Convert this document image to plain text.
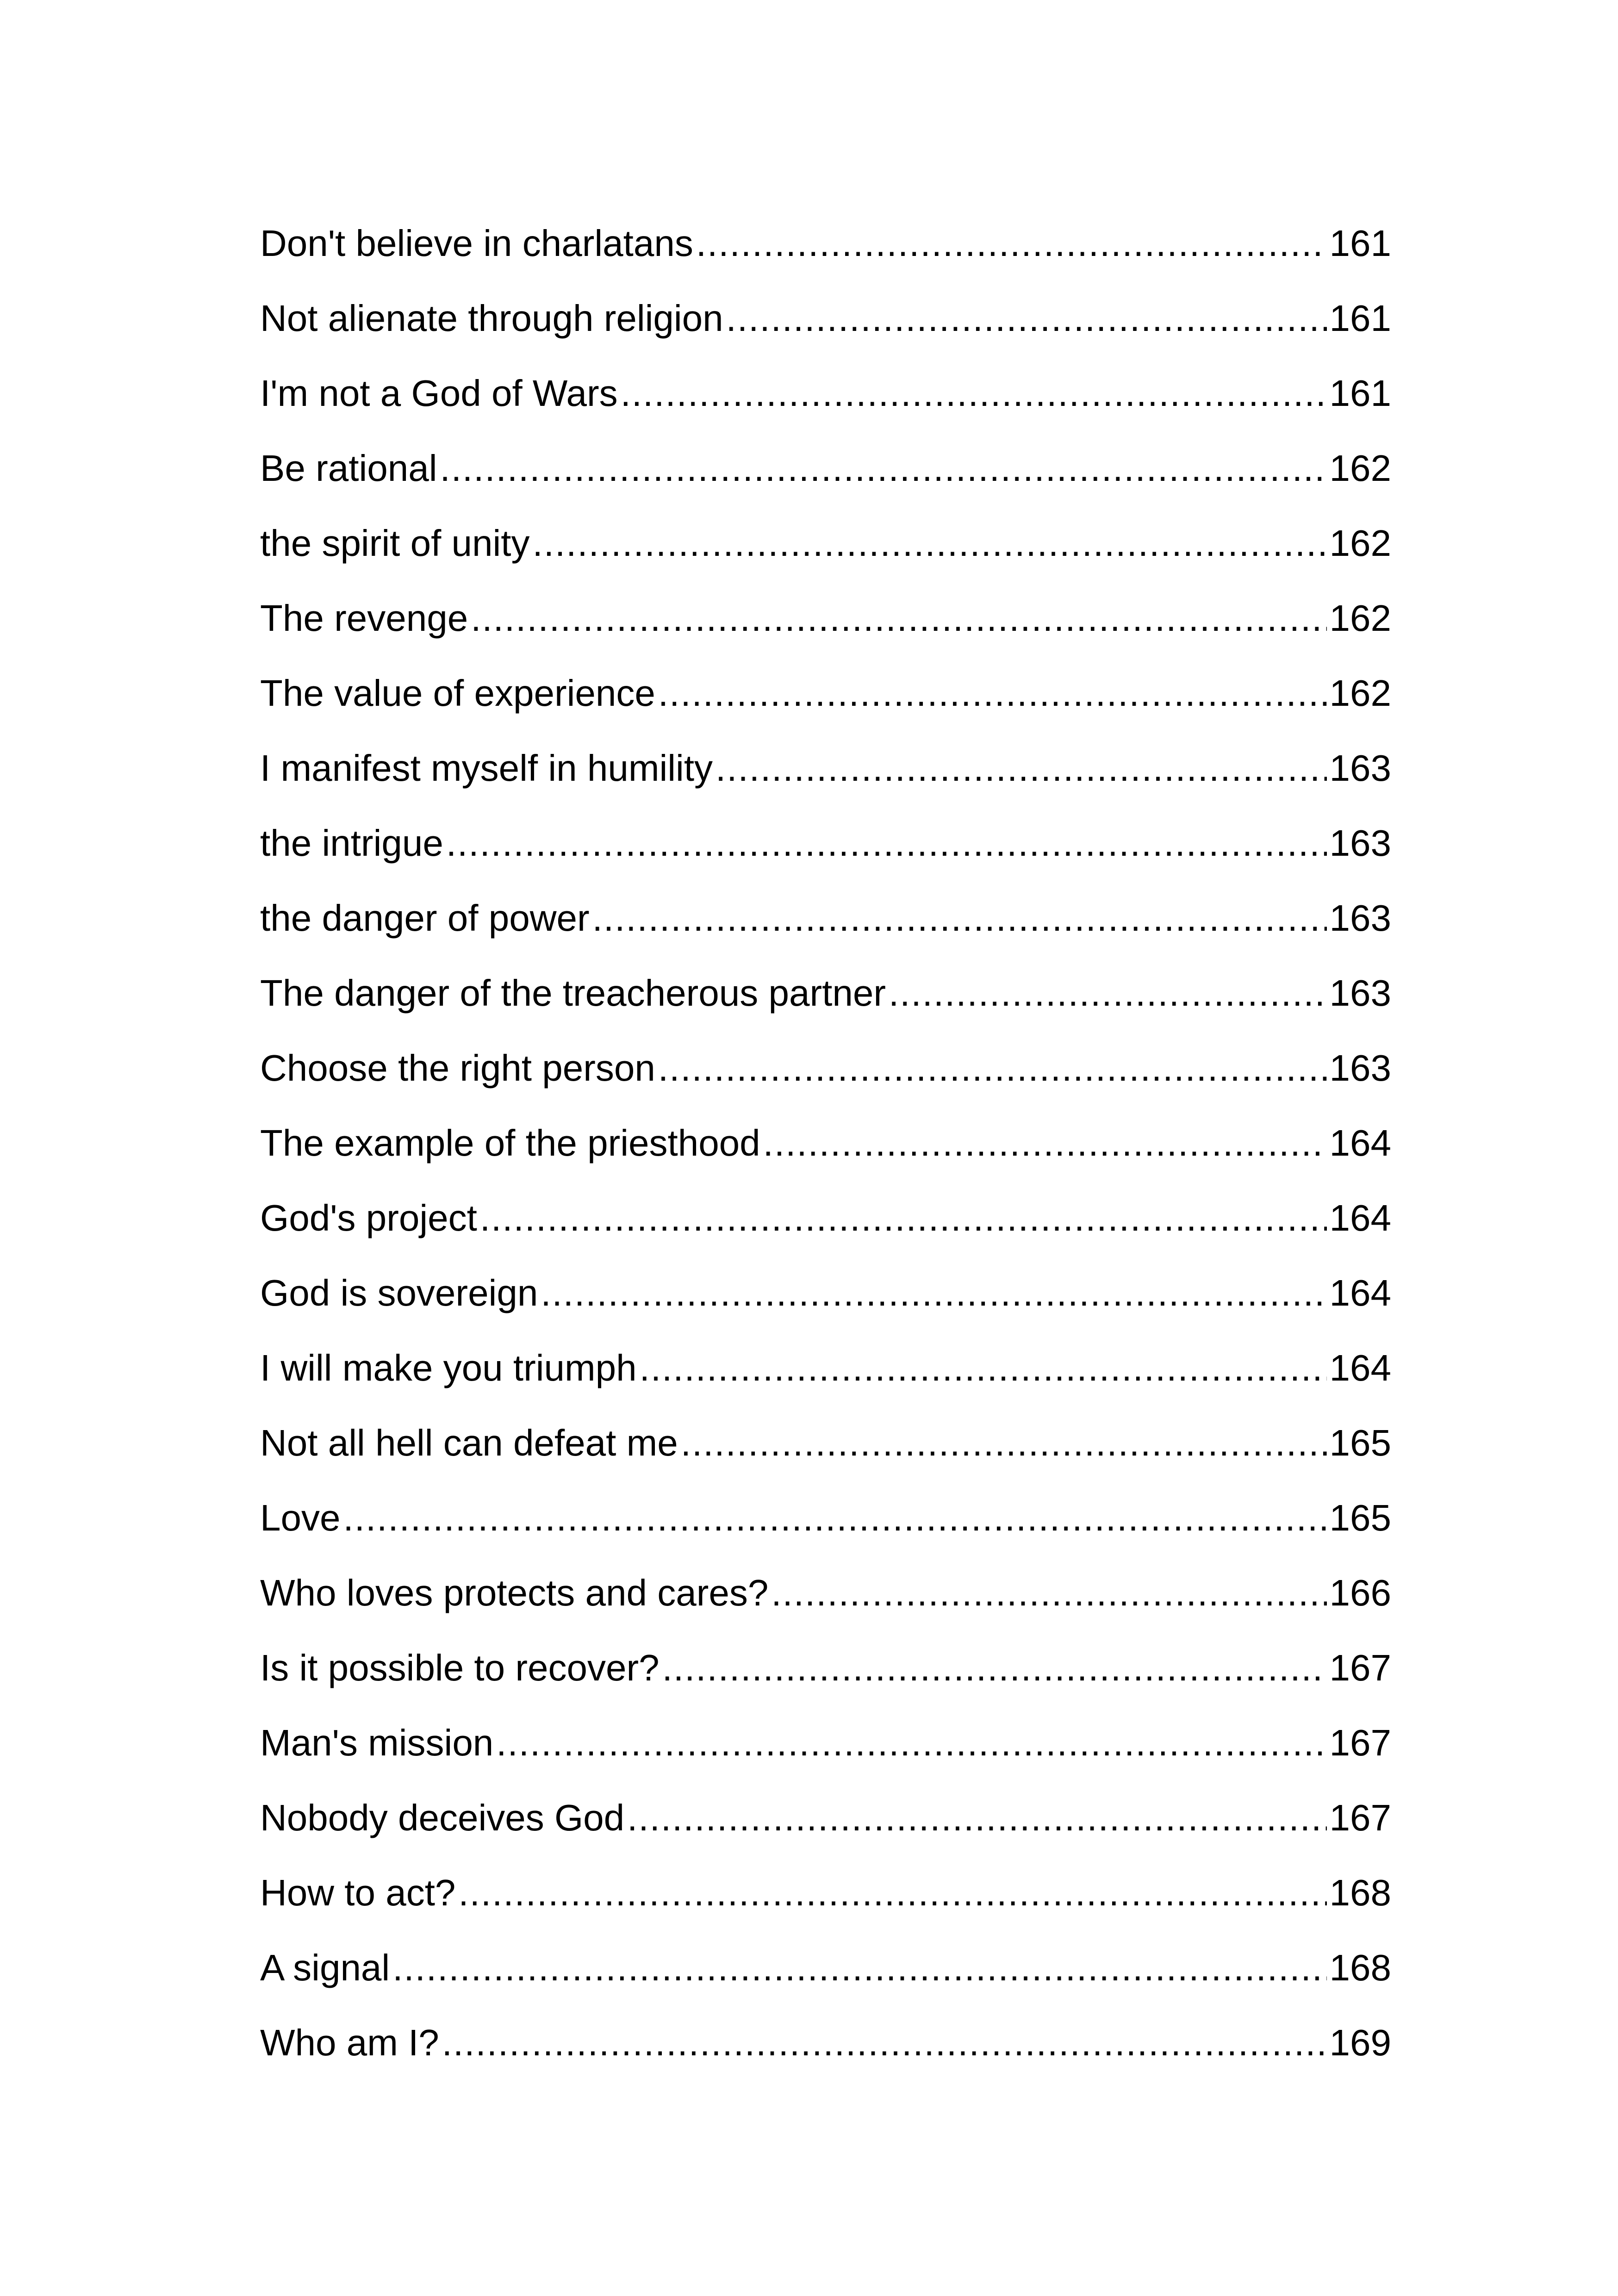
Don't believe in charlatans .....	161
Not alienate through religion .....	161
I'm not a God of Wars .....	161
Be rational .....	162
the spirit of unity .....	162
The revenge .....	162
The value of experience .....	162
I manifest myself in humility .....	163
the intrigue .....	163
the danger of power .....	163
The danger of the treacherous partner .....	163
Choose the right person .....	163
The example of the priesthood .....	164
God's project .....	164
God is sovereign .....	164
I will make you triumph .....	164
Not all hell can defeat me .....	165
Love .....	165
Who loves protects and cares? .....	166
Is it possible to recover? .....	167
Man's mission .....	167
Nobody deceives God .....	167
How to act? .....	168
A signal .....	168
Who am I? .....	169
